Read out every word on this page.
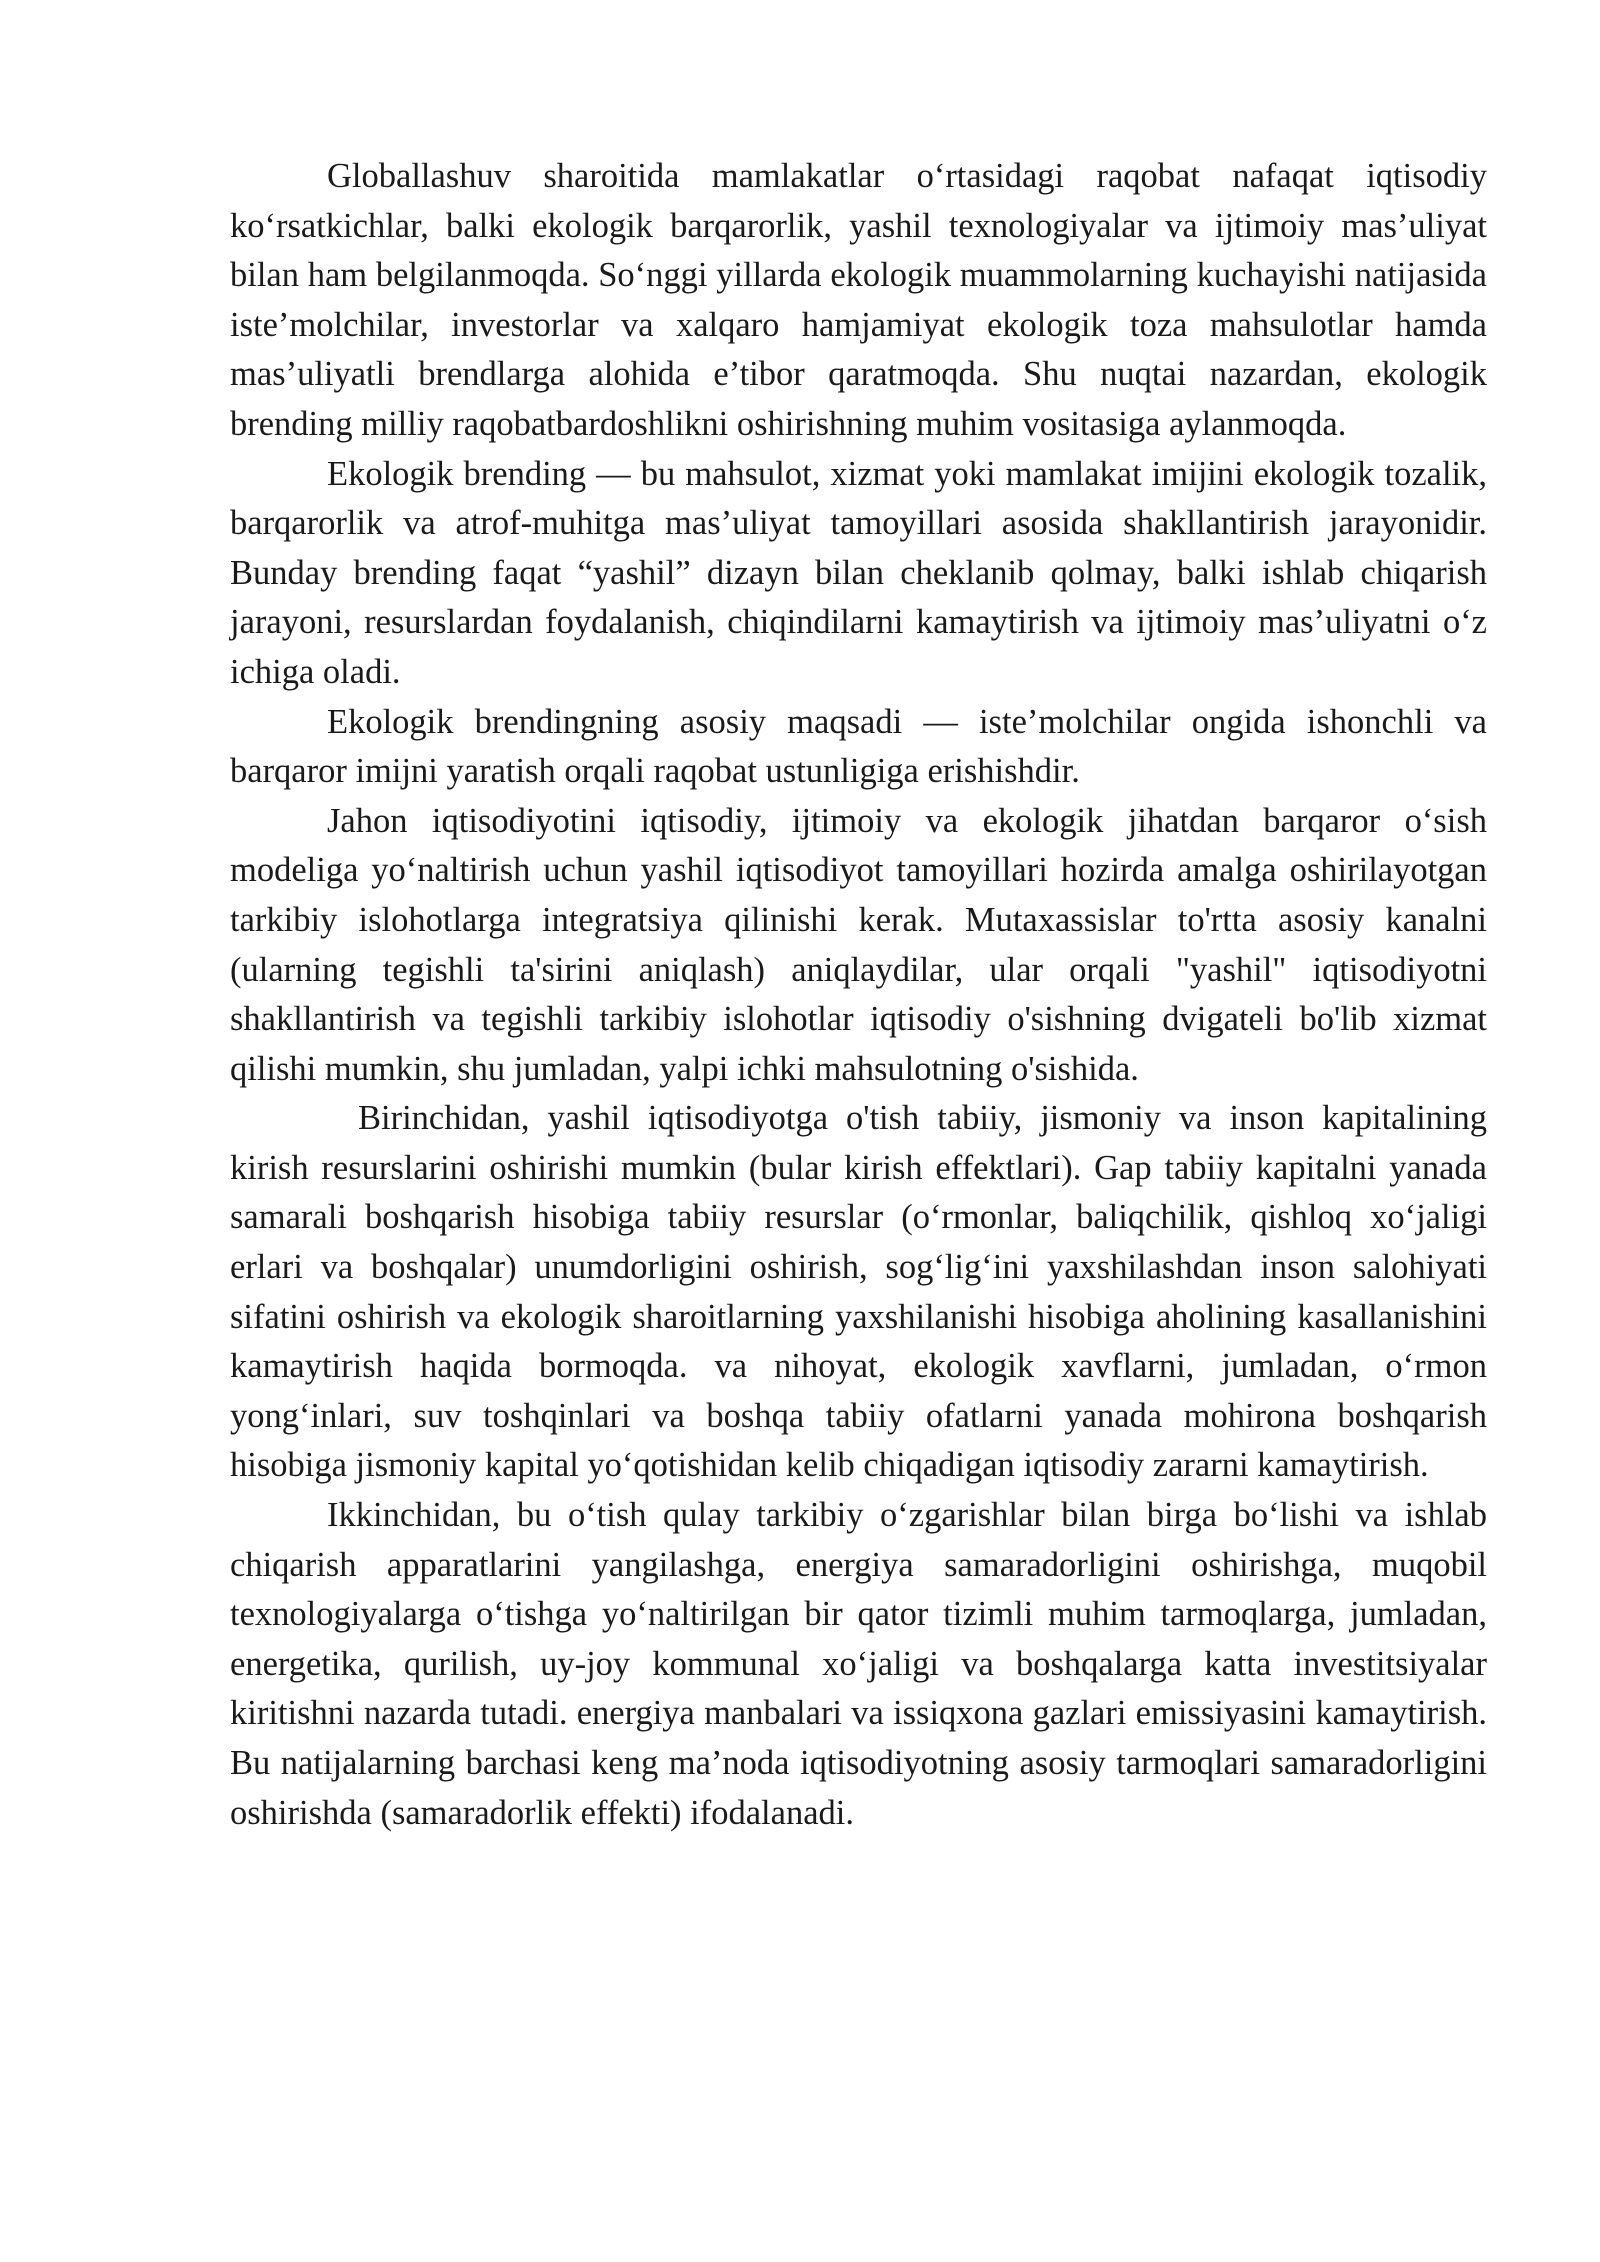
Globallashuv sharoitida mamlakatlar o‘rtasidagi raqobat nafaqat iqtisodiy ko‘rsatkichlar, balki ekologik barqarorlik, yashil texnologiyalar va ijtimoiy mas’uliyat bilan ham belgilanmoqda. So‘nggi yillarda ekologik muammolarning kuchayishi natijasida iste’molchilar, investorlar va xalqaro hamjamiyat ekologik toza mahsulotlar hamda mas’uliyatli brendlarga alohida e’tibor qaratmoqda. Shu nuqtai nazardan, ekologik brending milliy raqobatbardoshlikni oshirishning muhim vositasiga aylanmoqda.

Ekologik brending — bu mahsulot, xizmat yoki mamlakat imijini ekologik tozalik, barqarorlik va atrof-muhitga mas’uliyat tamoyillari asosida shakllantirish jarayonidir. Bunday brending faqat “yashil” dizayn bilan cheklanib qolmay, balki ishlab chiqarish jarayoni, resurslardan foydalanish, chiqindilarni kamaytirish va ijtimoiy mas’uliyatni o‘z ichiga oladi.

Ekologik brendingning asosiy maqsadi — iste’molchilar ongida ishonchli va barqaror imijni yaratish orqali raqobat ustunligiga erishishdir.

Jahon iqtisodiyotini iqtisodiy, ijtimoiy va ekologik jihatdan barqaror o‘sish modeliga yo‘naltirish uchun yashil iqtisodiyot tamoyillari hozirda amalga oshirilayotgan tarkibiy islohotlarga integratsiya qilinishi kerak. Mutaxassislar to'rtta asosiy kanalni (ularning tegishli ta'sirini aniqlash) aniqlaydilar, ular orqali "yashil" iqtisodiyotni shakllantirish va tegishli tarkibiy islohotlar iqtisodiy o'sishning dvigateli bo'lib xizmat qilishi mumkin, shu jumladan, yalpi ichki mahsulotning o'sishida.

Birinchidan, yashil iqtisodiyotga o'tish tabiiy, jismoniy va inson kapitalining kirish resurslarini oshirishi mumkin (bular kirish effektlari). Gap tabiiy kapitalni yanada samarali boshqarish hisobiga tabiiy resurslar (o‘rmonlar, baliqchilik, qishloq xo‘jaligi erlari va boshqalar) unumdorligini oshirish, sog‘lig‘ini yaxshilashdan inson salohiyati sifatini oshirish va ekologik sharoitlarning yaxshilanishi hisobiga aholining kasallanishini kamaytirish haqida bormoqda. va nihoyat, ekologik xavflarni, jumladan, o‘rmon yong‘inlari, suv toshqinlari va boshqa tabiiy ofatlarni yanada mohirona boshqarish hisobiga jismoniy kapital yo‘qotishidan kelib chiqadigan iqtisodiy zararni kamaytirish.

Ikkinchidan, bu o‘tish qulay tarkibiy o‘zgarishlar bilan birga bo‘lishi va ishlab chiqarish apparatlarini yangilashga, energiya samaradorligini oshirishga, muqobil texnologiyalarga o‘tishga yo‘naltirilgan bir qator tizimli muhim tarmoqlarga, jumladan, energetika, qurilish, uy-joy kommunal xo‘jaligi va boshqalarga katta investitsiyalar kiritishni nazarda tutadi. energiya manbalari va issiqxona gazlari emissiyasini kamaytirish. Bu natijalarning barchasi keng ma’noda iqtisodiyotning asosiy tarmoqlari samaradorligini oshirishda (samaradorlik effekti) ifodalanadi.
